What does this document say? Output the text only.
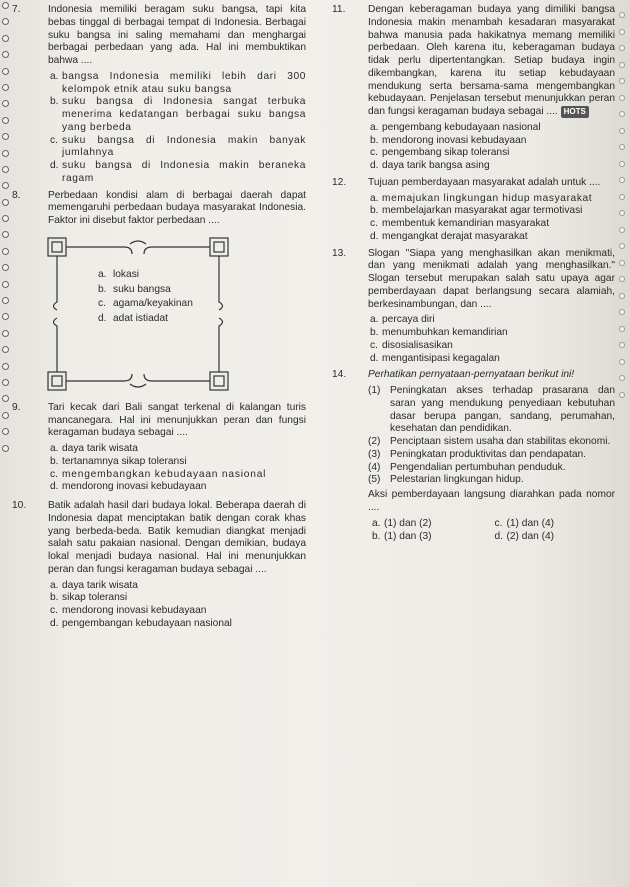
7.	Indonesia memiliki beragam suku bangsa, tapi kita bebas tinggal di berbagai tempat di Indonesia. Berbagai suku bangsa ini saling memahami dan menghargai berbagai perbedaan yang ada. Hal ini membuktikan bahwa ....
a. bangsa Indonesia memiliki lebih dari 300 kelompok etnik atau suku bangsa
b. suku bangsa di Indonesia sangat terbuka menerima kedatangan berbagai suku bangsa yang berbeda
c. suku bangsa di Indonesia makin banyak jumlahnya
d. suku bangsa di Indonesia makin beraneka ragam
8.	Perbedaan kondisi alam di berbagai daerah dapat memengaruhi perbedaan budaya masyarakat Indonesia. Faktor ini disebut faktor perbedaan ....
a. lokasi
b. suku bangsa
c. agama/keyakinan
d. adat istiadat
9.	Tari kecak dari Bali sangat terkenal di kalangan turis mancanegara. Hal ini menunjukkan peran dan fungsi keragaman budaya sebagai ....
a. daya tarik wisata
b. tertanamnya sikap toleransi
c. mengembangkan kebudayaan nasional
d. mendorong inovasi kebudayaan
10.	Batik adalah hasil dari budaya lokal. Beberapa daerah di Indonesia dapat menciptakan batik dengan corak khas yang berbeda-beda. Batik kemudian diangkat menjadi salah satu pakaian nasional. Dengan demikian, budaya lokal menjadi budaya nasional. Hal ini menunjukkan peran dan fungsi keragaman budaya sebagai ....
a. daya tarik wisata
b. sikap toleransi
c. mendorong inovasi kebudayaan
d. pengembangan kebudayaan nasional
11.	Dengan keberagaman budaya yang dimiliki bangsa Indonesia makin menambah kesadaran masyarakat bahwa manusia pada hakikatnya memang memiliki perbedaan. Oleh karena itu, keberagaman budaya tidak perlu dipertentangkan. Setiap budaya ingin dikembangkan, karena itu setiap kebudayaan mendukung serta bersama-sama mengembangkan kebudayaan. Penjelasan tersebut menunjukkan peran dan fungsi keragaman budaya sebagai .... HOTS
a. pengembang kebudayaan nasional
b. mendorong inovasi kebudayaan
c. pengembang sikap toleransi
d. daya tarik bangsa asing
12.	Tujuan pemberdayaan masyarakat adalah untuk ....
a. memajukan lingkungan hidup masyarakat
b. membelajarkan masyarakat agar termotivasi
c. membentuk kemandirian masyarakat
d. mengangkat derajat masyarakat
13.	Slogan "Siapa yang menghasilkan akan menikmati, dan yang menikmati adalah yang menghasilkan." Slogan tersebut merupakan salah satu upaya agar pemberdayaan dapat berlangsung secara alamiah, berkesinambungan, dan ....
a. percaya diri
b. menumbuhkan kemandirian
c. disosialisasikan
d. mengantisipasi kegagalan
14.	Perhatikan pernyataan-pernyataan berikut ini!
(1) Peningkatan akses terhadap prasarana dan saran yang mendukung penyediaan kebutuhan dasar berupa pangan, sandang, perumahan, kesehatan dan pendidikan.
(2) Penciptaan sistem usaha dan stabilitas ekonomi.
(3) Peningkatan produktivitas dan pendapatan.
(4) Pengendalian pertumbuhan penduduk.
(5) Pelestarian lingkungan hidup.
Aksi pemberdayaan langsung diarahkan pada nomor ....
a. (1) dan (2)	c. (1) dan (4)
b. (1) dan (3)	d. (2) dan (4)
